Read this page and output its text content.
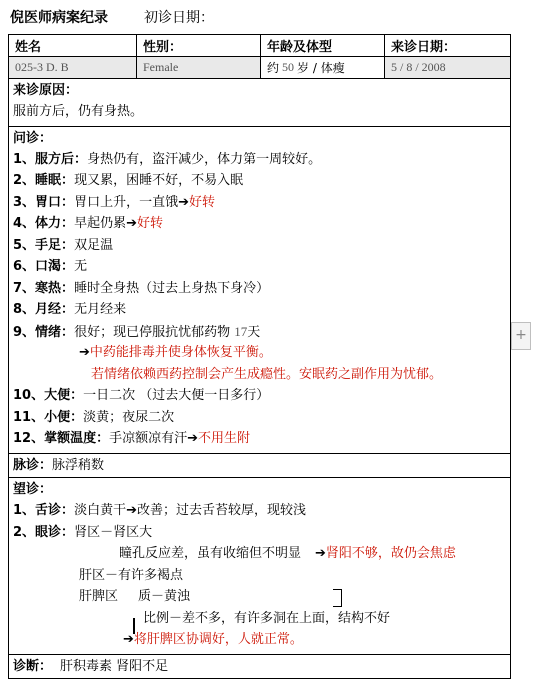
倪医师病案纪录	初诊日期：
姓名	性别：	年龄及体型	来诊日期：
025-3 D. B	Female	约 50 岁 / 体瘦	5 / 8 / 2008
来诊原因：
服前方后，仍有身热。
问诊：
1、服方后：身热仍有，盗汗减少，体力第一周较好。
2、睡眠：现又累，困睡不好，不易入眠
3、胃口：胃口上升，一直饿➔好转
4、体力：早起仍累➔好转
5、手足：双足温
6、口渴：无
7、寒热：睡时全身热（过去上身热下身冷）
8、月经：无月经来
9、情绪：很好；现已停服抗忧郁药物 17天
➔中药能排毒并使身体恢复平衡。
若情绪依赖西药控制会产生成瘾性。安眠药之副作用为忧郁。
10、大便：一日二次 （过去大便一日多行）
11、小便：淡黄；夜尿二次
12、掌额温度：手凉额凉有汗➔不用生附
脉诊：脉浮稍数
望诊：
1、舌诊：淡白黄干➔改善；过去舌苔较厚，现较浅
2、眼诊：肾区－肾区大
瞳孔反应差，虽有收缩但不明显 ➔肾阳不够，故仍会焦虑
肝区－有许多褐点
肝脾区 质－黄浊
比例－差不多，有许多洞在上面，结构不好
➔将肝脾区协调好，人就正常。
诊断： 肝积毒素 肾阳不足
+
